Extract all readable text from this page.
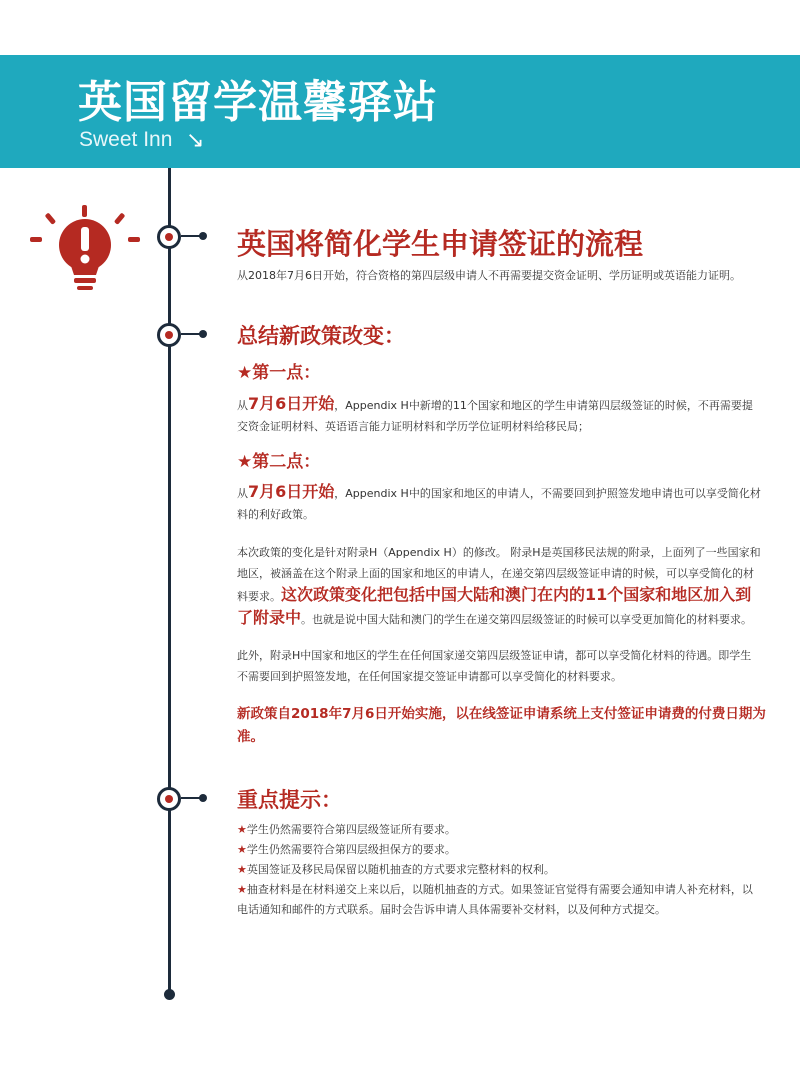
英国留学温馨驿站
Sweet Inn ↘
英国将简化学生申请签证的流程
从2018年7月6日开始，符合资格的第四层级申请人不再需要提交资金证明、学历证明或英语能力证明。
总结新政策改变：
★第一点：
从7月6日开始，Appendix H中新增的11个国家和地区的学生申请第四层级签证的时候，不再需要提交资金证明材料、英语语言能力证明材料和学历学位证明材料给移民局；
★第二点：
从7月6日开始，Appendix H中的国家和地区的申请人，不需要回到护照签发地申请也可以享受简化材料的利好政策。
本次政策的变化是针对附录H（Appendix H）的修改。 附录H是英国移民法规的附录，上面列了一些国家和地区，被涵盖在这个附录上面的国家和地区的申请人，在递交第四层级签证申请的时候，可以享受简化的材料要求。这次政策变化把包括中国大陆和澳门在内的11个国家和地区加入到了附录中。也就是说中国大陆和澳门的学生在递交第四层级签证的时候可以享受更加简化的材料要求。
此外，附录H中国家和地区的学生在任何国家递交第四层级签证申请，都可以享受简化材料的待遇。即学生不需要回到护照签发地，在任何国家提交签证申请都可以享受简化的材料要求。
新政策自2018年7月6日开始实施，以在线签证申请系统上支付签证申请费的付费日期为准。
重点提示：
★学生仍然需要符合第四层级签证所有要求。
★学生仍然需要符合第四层级担保方的要求。
★英国签证及移民局保留以随机抽查的方式要求完整材料的权利。
★抽查材料是在材料递交上来以后，以随机抽查的方式。如果签证官觉得有需要会通知申请人补充材料，以电话通知和邮件的方式联系。届时会告诉申请人具体需要补交材料，以及何种方式提交。
